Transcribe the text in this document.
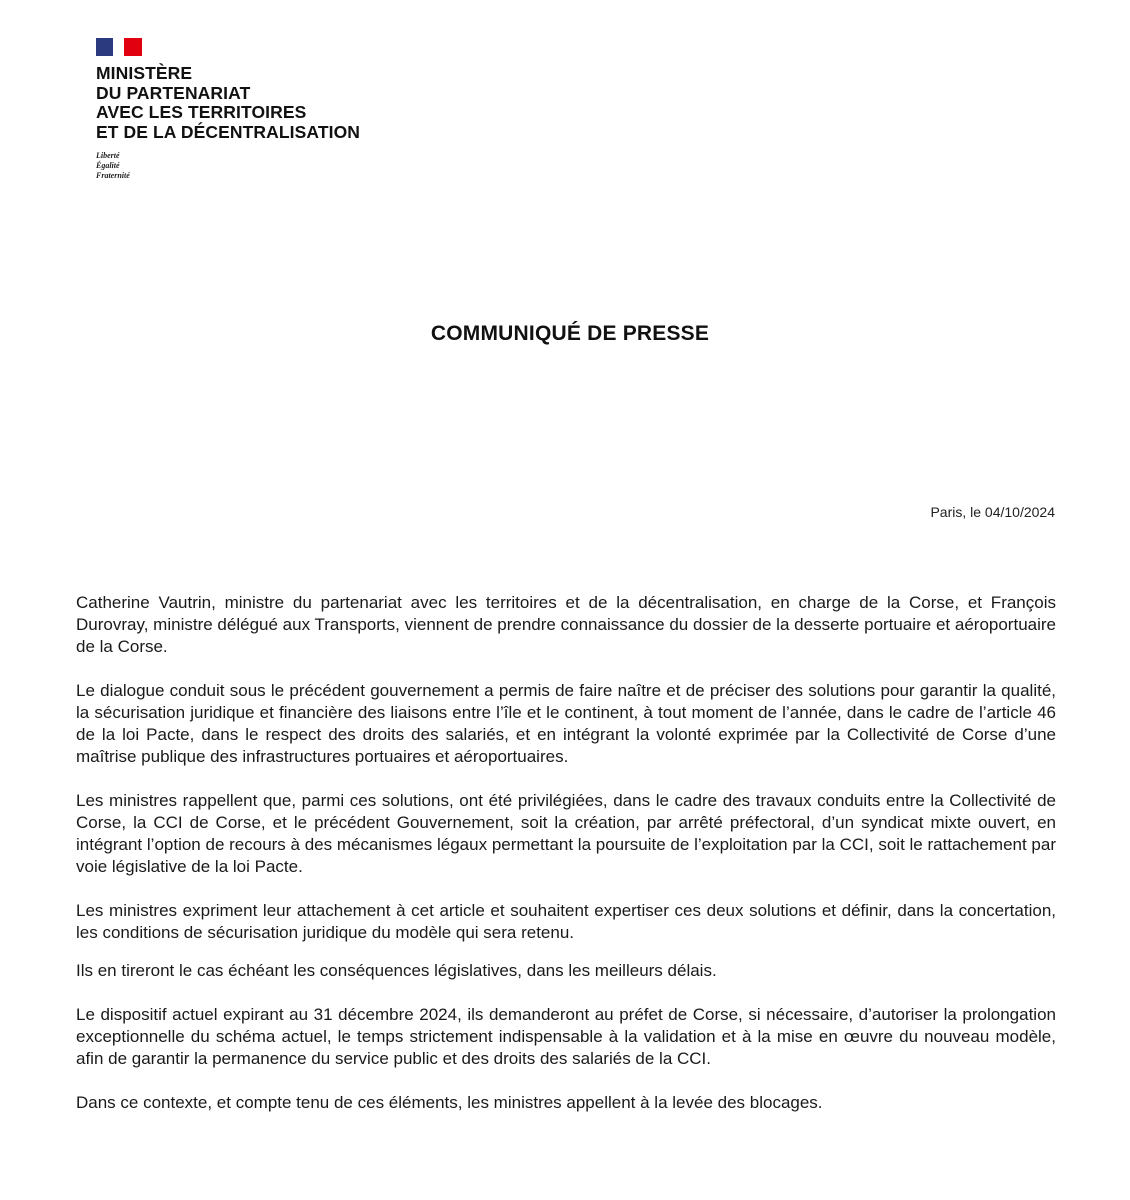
MINISTÈRE
DU PARTENARIAT
AVEC LES TERRITOIRES
ET DE LA DÉCENTRALISATION
Liberté
Égalité
Fraternité
COMMUNIQUÉ DE PRESSE
Paris, le 04/10/2024

Catherine Vautrin, ministre du partenariat avec les territoires et de la décentralisation, en charge de la Corse, et François Durovray, ministre délégué aux Transports, viennent de prendre connaissance du dossier de la desserte portuaire et aéroportuaire de la Corse.

Le dialogue conduit sous le précédent gouvernement a permis de faire naître et de préciser des solutions pour garantir la qualité, la sécurisation juridique et financière des liaisons entre l’île et le continent, à tout moment de l’année, dans le cadre de l’article 46 de la loi Pacte, dans le respect des droits des salariés, et en intégrant la volonté exprimée par la Collectivité de Corse d’une maîtrise publique des infrastructures portuaires et aéroportuaires.

Les ministres rappellent que, parmi ces solutions, ont été privilégiées, dans le cadre des travaux conduits entre la Collectivité de Corse, la CCI de Corse, et le précédent Gouvernement, soit la création, par arrêté préfectoral, d’un syndicat mixte ouvert, en intégrant l’option de recours à des mécanismes légaux permettant la poursuite de l’exploitation par la CCI, soit le rattachement par voie législative de la loi Pacte.

Les ministres expriment leur attachement à cet article et souhaitent expertiser ces deux solutions et définir, dans la concertation, les conditions de sécurisation juridique du modèle qui sera retenu.

Ils en tireront le cas échéant les conséquences législatives, dans les meilleurs délais.

Le dispositif actuel expirant au 31 décembre 2024, ils demanderont au préfet de Corse, si nécessaire, d’autoriser la prolongation exceptionnelle du schéma actuel, le temps strictement indispensable à la validation et à la mise en œuvre du nouveau modèle, afin de garantir la permanence du service public et des droits des salariés de la CCI.

Dans ce contexte, et compte tenu de ces éléments, les ministres appellent à la levée des blocages.
